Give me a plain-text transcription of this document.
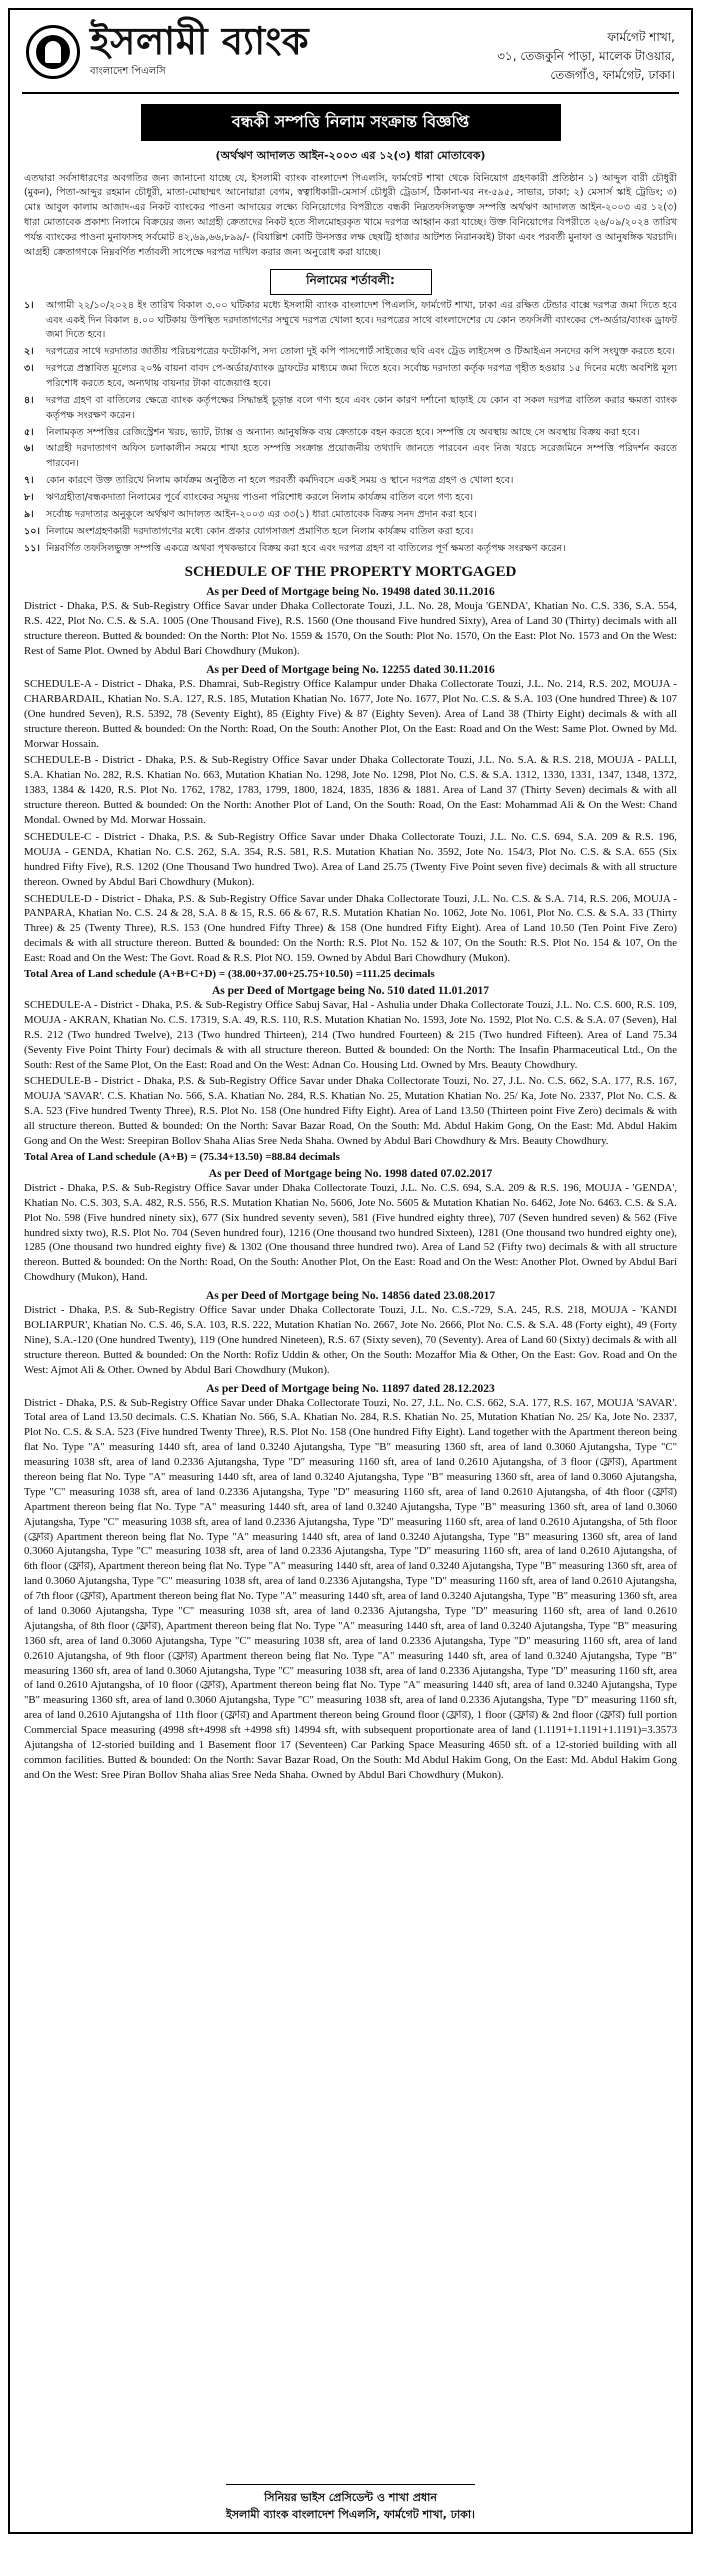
ইসলামী ব্যাংক
বাংলাদেশ পিএলসি
ফার্মগেট শাখা,
৩১, তেজকুনি পাড়া, মালেক টাওয়ার,
তেজগাঁও, ফার্মগেট, ঢাকা।
বন্ধকী সম্পত্তি নিলাম সংক্রান্ত বিজ্ঞপ্তি
(অর্থঋণ আদালত আইন-২০০৩ এর ১২(৩) ধারা মোতাবেক)
এতদ্বারা সর্বসাধারণের অবগতির জন্য জানানো যাচ্ছে যে, ইসলামী ব্যাংক বাংলাদেশ পিএলসি, ফার্মগেট শাখা থেকে বিনিয়োগ গ্রহণকারী প্রতিষ্ঠান ১) আব্দুল বারী চৌধুরী (মুকন), পিতা-আব্দুর রহমান চৌধুরী, মাতা-মোছাম্মৎ আনোয়ারা বেগম, স্বত্বাধিকারী-মেসার্স চৌধুরী ট্রেডার্স, ঠিকানা-ঘর নং-৫৯৫, সাভার, ঢাকা; ২) মেসার্স স্কাই ট্রেডিং; ৩) মোঃ আবুল কালাম আজাদ-এর নিকট ব্যাংকের পাওনা আদায়ের লক্ষ্যে বিনিয়োগের বিপরীতে বন্ধকী নিম্নতফসিলভুক্ত সম্পত্তি অর্থঋণ আদালত আইন-২০০৩ এর ১২(৩) ধারা মোতাবেক প্রকাশ্য নিলামে বিক্রয়ের জন্য আগ্রহী ক্রেতাদের নিকট হতে সীলমোহরকৃত খামে দরপত্র আহ্বান করা যাচ্ছে। উক্ত বিনিয়োগের বিপরীতে ২৬/০৯/২০২৪ তারিখ পর্যন্ত ব্যাংকের পাওনা মুনাফাসহ সর্বমোট ৪২,৬৯,৬৬,৮৯৯/- (বিয়াল্লিশ কোটি উনসত্তর লক্ষ ছেষট্টি হাজার আটশত নিরানব্বই) টাকা এবং পরবর্তী মুনাফা ও আনুষঙ্গিক খরচাদি। আগ্রহী ক্রেতাগণকে নিম্নবর্ণিত শর্তাবলী সাপেক্ষে দরপত্র দাখিল করার জন্য অনুরোধ করা যাচ্ছে।
নিলামের শর্তাবলী:
১।	আগামী ২২/১০/২০২৪ ইং তারিখ বিকাল ৩.০০ ঘটিকার মধ্যে ইসলামী ব্যাংক বাংলাদেশ পিএলসি, ফার্মগেট শাখা, ঢাকা এর রক্ষিত টেন্ডার বাক্সে দরপত্র জমা দিতে হবে এবং একই দিন বিকাল ৪.০০ ঘটিকায় উপস্থিত দরদাতাগণের সম্মুখে দরপত্র খোলা হবে। দরপত্রের সাথে বাংলাদেশের যে কোন তফসিলী ব্যাংকের পে-অর্ডার/ব্যাংক ড্রাফট জমা দিতে হবে।
২।	দরপত্রের সাথে দরদাতার জাতীয় পরিচয়পত্রের ফটোকপি, সদ্য তোলা দুই কপি পাসপোর্ট সাইজের ছবি এবং ট্রেড লাইসেন্স ও টিআইএন সনদের কপি সংযুক্ত করতে হবে।
৩।	দরপত্রে প্রস্তাবিত মূল্যের ২০% বায়না বাবদ পে-অর্ডার/ব্যাংক ড্রাফটের মাধ্যমে জমা দিতে হবে। সর্বোচ্চ দরদাতা কর্তৃক দরপত্র গৃহীত হওয়ার ১৫ দিনের মধ্যে অবশিষ্ট মূল্য পরিশোধ করতে হবে, অন্যথায় বায়নার টাকা বাজেয়াপ্ত হবে।
৪।	দরপত্র গ্রহণ বা বাতিলের ক্ষেত্রে ব্যাংক কর্তৃপক্ষের সিদ্ধান্তই চূড়ান্ত বলে গণ্য হবে এবং কোন কারণ দর্শানো ছাড়াই যে কোন বা সকল দরপত্র বাতিল করার ক্ষমতা ব্যাংক কর্তৃপক্ষ সংরক্ষণ করেন।
৫।	নিলামকৃত সম্পত্তির রেজিস্ট্রেশন খরচ, ভ্যাট, ট্যাক্স ও অন্যান্য আনুষঙ্গিক ব্যয় ক্রেতাকে বহন করতে হবে। সম্পত্তি যে অবস্থায় আছে সে অবস্থায় বিক্রয় করা হবে।
৬।	আগ্রহী দরদাতাগণ অফিস চলাকালীন সময়ে শাখা হতে সম্পত্তি সংক্রান্ত প্রয়োজনীয় তথ্যাদি জানতে পারবেন এবং নিজ খরচে সরেজমিনে সম্পত্তি পরিদর্শন করতে পারবেন।
৭।	কোন কারণে উক্ত তারিখে নিলাম কার্যক্রম অনুষ্ঠিত না হলে পরবর্তী কর্মদিবসে একই সময় ও স্থানে দরপত্র গ্রহণ ও খোলা হবে।
৮।	ঋণগ্রহীতা/বন্ধকদাতা নিলামের পূর্বে ব্যাংকের সমুদয় পাওনা পরিশোধ করলে নিলাম কার্যক্রম বাতিল বলে গণ্য হবে।
৯।	সর্বোচ্চ দরদাতার অনুকূলে অর্থঋণ আদালত আইন-২০০৩ এর ৩৩(১) ধারা মোতাবেক বিক্রয় সনদ প্রদান করা হবে।
১০। নিলামে অংশগ্রহণকারী দরদাতাগণের মধ্যে কোন প্রকার যোগসাজশ প্রমাণিত হলে নিলাম কার্যক্রম বাতিল করা হবে।
১১। নিম্নবর্ণিত তফসিলভুক্ত সম্পত্তি একত্রে অথবা পৃথকভাবে বিক্রয় করা হবে এবং দরপত্র গ্রহণ বা বাতিলের পূর্ণ ক্ষমতা কর্তৃপক্ষ সংরক্ষণ করেন।
SCHEDULE OF THE PROPERTY MORTGAGED
As per Deed of Mortgage being No. 19498 dated 30.11.2016

District - Dhaka, P.S. & Sub-Registry Office Savar under Dhaka Collectorate Touzi, J.L. No. 28, Mouja 'GENDA', Khatian No. C.S. 336, S.A. 554, R.S. 422, Plot No. C.S. & S.A. 1005 (One Thousand Five), R.S. 1560 (One thousand Five hundred Sixty), Area of Land 30 (Thirty) decimals with all structure thereon. Butted & bounded: On the North: Plot No. 1559 & 1570, On the South: Plot No. 1570, On the East: Plot No. 1573 and On the West: Rest of Same Plot. Owned by Abdul Bari Chowdhury (Mukon).

As per Deed of Mortgage being No. 12255 dated 30.11.2016

SCHEDULE-A - District - Dhaka, P.S. Dhamrai, Sub-Registry Office Kalampur under Dhaka Collectorate Touzi, J.L. No. 214, R.S. 202, MOUJA - CHARBARDAIL, Khatian No. S.A. 127, R.S. 185, Mutation Khatian No. 1677, Jote No. 1677, Plot No. C.S. & S.A. 103 (One hundred Three) & 107 (One hundred Seven), R.S. 5392, 78 (Seventy Eight), 85 (Eighty Five) & 87 (Eighty Seven). Area of Land 38 (Thirty Eight) decimals & with all structure thereon. Butted & bounded: On the North: Road, On the South: Another Plot, On the East: Road and On the West: Same Plot. Owned by Md. Morwar Hossain.

SCHEDULE-B - District - Dhaka, P.S. & Sub-Registry Office Savar under Dhaka Collectorate Touzi, J.L. No. S.A. & R.S. 218, MOUJA - PALLI, S.A. Khatian No. 282, R.S. Khatian No. 663, Mutation Khatian No. 1298, Jote No. 1298, Plot No. C.S. & S.A. 1312, 1330, 1331, 1347, 1348, 1372, 1383, 1384 & 1420, R.S. Plot No. 1762, 1782, 1783, 1799, 1800, 1824, 1835, 1836 & 1881. Area of Land 37 (Thirty Seven) decimals & with all structure thereon. Butted & bounded: On the North: Another Plot of Land, On the South: Road, On the East: Mohammad Ali & On the West: Chand Mondal. Owned by Md. Morwar Hossain.

SCHEDULE-C - District - Dhaka, P.S. & Sub-Registry Office Savar under Dhaka Collectorate Touzi, J.L. No. C.S. 694, S.A. 209 & R.S. 196, MOUJA - GENDA, Khatian No. C.S. 262, S.A. 354, R.S. 581, R.S. Mutation Khatian No. 3592, Jote No. 154/3, Plot No. C.S. & S.A. 655 (Six hundred Fifty Five), R.S. 1202 (One Thousand Two hundred Two). Area of Land 25.75 (Twenty Five Point seven five) decimals & with all structure thereon. Owned by Abdul Bari Chowdhury (Mukon).

SCHEDULE-D - District - Dhaka, P.S. & Sub-Registry Office Savar under Dhaka Collectorate Touzi, J.L. No. C.S. & S.A. 714, R.S. 206, MOUJA - PANPARA, Khatian No. C.S. 24 & 28, S.A. 8 & 15, R.S. 66 & 67, R.S. Mutation Khatian No. 1062, Jote No. 1061, Plot No. C.S. & S.A. 33 (Thirty Three) & 25 (Twenty Three), R.S. 153 (One hundred Fifty Three) & 158 (One hundred Fifty Eight). Area of Land 10.50 (Ten Point Five Zero) decimals & with all structure thereon. Butted & bounded: On the North: R.S. Plot No. 152 & 107, On the South: R.S. Plot No. 154 & 107, On the East: Road and On the West: The Govt. Road & R.S. Plot NO. 159. Owned by Abdul Bari Chowdhury (Mukon).

Total Area of Land schedule (A+B+C+D) = (38.00+37.00+25.75+10.50) =111.25 decimals
As per Deed of Mortgage being No. 510 dated 11.01.2017

SCHEDULE-A - District - Dhaka, P.S. & Sub-Registry Office Sabuj Savar, Hal - Ashulia under Dhaka Collectorate Touzi, J.L. No. C.S. 600, R.S. 109, MOUJA - AKRAN, Khatian No. C.S. 17319, S.A. 49, R.S. 110, R.S. Mutation Khatian No. 1593, Jote No. 1592, Plot No. C.S. & S.A. 07 (Seven), Hal R.S. 212 (Two hundred Twelve), 213 (Two hundred Thirteen), 214 (Two hundred Fourteen) & 215 (Two hundred Fifteen). Area of Land 75.34 (Seventy Five Point Thirty Four) decimals & with all structure thereon. Butted & bounded: On the North: The Insafin Pharmaceutical Ltd., On the South: Rest of the Same Plot, On the East: Road and On the West: Adnan Co. Housing Ltd. Owned by Mrs. Beauty Chowdhury.

SCHEDULE-B - District - Dhaka, P.S. & Sub-Registry Office Savar under Dhaka Collectorate Touzi, No. 27, J.L. No. C.S. 662, S.A. 177, R.S. 167, MOUJA 'SAVAR'. C.S. Khatian No. 566, S.A. Khatian No. 284, R.S. Khatian No. 25, Mutation Khatian No. 25/ Ka, Jote No. 2337, Plot No. C.S. & S.A. 523 (Five hundred Twenty Three), R.S. Plot No. 158 (One hundred Fifty Eight). Area of Land 13.50 (Thirteen point Five Zero) decimals & with all structure thereon. Butted & bounded: On the North: Savar Bazar Road, On the South: Md. Abdul Hakim Gong, On the East: Md. Abdul Hakim Gong and On the West: Sreepiran Bollov Shaha Alias Sree Neda Shaha. Owned by Abdul Bari Chowdhury & Mrs. Beauty Chowdhury.

Total Area of Land schedule (A+B) = (75.34+13.50) =88.84 decimals
As per Deed of Mortgage being No. 1998 dated 07.02.2017

District - Dhaka, P.S. & Sub-Registry Office Savar under Dhaka Collectorate Touzi, J.L. No. C.S. 694, S.A. 209 & R.S. 196, MOUJA - 'GENDA', Khatian No. C.S. 303, S.A. 482, R.S. 556, R.S. Mutation Khatian No. 5606, Jote No. 5605 & Mutation Khatian No. 6462, Jote No. 6463. C.S. & S.A. Plot No. 598 (Five hundred ninety six), 677 (Six hundred seventy seven), 581 (Five hundred eighty three), 707 (Seven hundred seven) & 562 (Five hundred sixty two), R.S. Plot No. 704 (Seven hundred four), 1216 (One thousand two hundred Sixteen), 1281 (One thousand two hundred eighty one), 1285 (One thousand two hundred eighty five) & 1302 (One thousand three hundred two). Area of Land 52 (Fifty two) decimals & with all structure thereon. Butted & bounded: On the North: Road, On the South: Another Plot, On the East: Road and On the West: Another Plot. Owned by Abdul Bari Chowdhury (Mukon), Hand.

As per Deed of Mortgage being No. 14856 dated 23.08.2017

District - Dhaka, P.S. & Sub-Registry Office Savar under Dhaka Collectorate Touzi, J.L. No. C.S.-729, S.A. 245, R.S. 218, MOUJA - 'KANDI BOLIARPUR', Khatian No. C.S. 46, S.A. 103, R.S. 222, Mutation Khatian No. 2667, Jote No. 2666, Plot No. C.S. & S.A. 48 (Forty eight), 49 (Forty Nine), S.A.-120 (One hundred Twenty), 119 (One hundred Nineteen), R.S. 67 (Sixty seven), 70 (Seventy). Area of Land 60 (Sixty) decimals & with all structure thereon. Butted & bounded: On the North: Rofiz Uddin & other, On the South: Mozaffor Mia & Other, On the East: Gov. Road and On the West: Ajmot Ali & Other. Owned by Abdul Bari Chowdhury (Mukon).

As per Deed of Mortgage being No. 11897 dated 28.12.2023

District - Dhaka, P.S. & Sub-Registry Office Savar under Dhaka Collectorate Touzi, No. 27, J.L. No. C.S. 662, S.A. 177, R.S. 167, MOUJA 'SAVAR'. Total area of Land 13.50 decimals. C.S. Khatian No. 566, S.A. Khatian No. 284, R.S. Khatian No. 25, Mutation Khatian No. 25/ Ka, Jote No. 2337, Plot No. C.S. & S.A. 523 (Five hundred Twenty Three), R.S. Plot No. 158 (One hundred Fifty Eight). Land together with the Apartment thereon being flat No. Type "A" measuring 1440 sft, area of land 0.3240 Ajutangsha, Type "B" measuring 1360 sft, area of land 0.3060 Ajutangsha, Type "C" measuring 1038 sft, area of land 0.2336 Ajutangsha, Type "D" measuring 1160 sft, area of land 0.2610 Ajutangsha, of 3 floor (ফ্লোর), Apartment thereon being flat No. Type "A" measuring 1440 sft, area of land 0.3240 Ajutangsha, Type "B" measuring 1360 sft, area of land 0.3060 Ajutangsha, Type "C" measuring 1038 sft, area of land 0.2336 Ajutangsha, Type "D" measuring 1160 sft, area of land 0.2610 Ajutangsha, of 4th floor (ফ্লোর) Apartment thereon being flat No. Type "A" measuring 1440 sft, area of land 0.3240 Ajutangsha, Type "B" measuring 1360 sft, area of land 0.3060 Ajutangsha, Type "C" measuring 1038 sft, area of land 0.2336 Ajutangsha, Type "D" measuring 1160 sft, area of land 0.2610 Ajutangsha, of 5th floor (ফ্লোর) Apartment thereon being flat No. Type "A" measuring 1440 sft, area of land 0.3240 Ajutangsha, Type "B" measuring 1360 sft, area of land 0.3060 Ajutangsha, Type "C" measuring 1038 sft, area of land 0.2336 Ajutangsha, Type "D" measuring 1160 sft, area of land 0.2610 Ajutangsha, of 6th floor (ফ্লোর), Apartment thereon being flat No. Type "A" measuring 1440 sft, area of land 0.3240 Ajutangsha, Type "B" measuring 1360 sft, area of land 0.3060 Ajutangsha, Type "C" measuring 1038 sft, area of land 0.2336 Ajutangsha, Type "D" measuring 1160 sft, area of land 0.2610 Ajutangsha, of 7th floor (ফ্লোর), Apartment thereon being flat No. Type "A" measuring 1440 sft, area of land 0.3240 Ajutangsha, Type "B" measuring 1360 sft, area of land 0.3060 Ajutangsha, Type "C" measuring 1038 sft, area of land 0.2336 Ajutangsha, Type "D" measuring 1160 sft, area of land 0.2610 Ajutangsha, of 8th floor (ফ্লোর), Apartment thereon being flat No. Type "A" measuring 1440 sft, area of land 0.3240 Ajutangsha, Type "B" measuring 1360 sft, area of land 0.3060 Ajutangsha, Type "C" measuring 1038 sft, area of land 0.2336 Ajutangsha, Type "D" measuring 1160 sft, area of land 0.2610 Ajutangsha, of 9th floor (ফ্লোর) Apartment thereon being flat No. Type "A" measuring 1440 sft, area of land 0.3240 Ajutangsha, Type "B" measuring 1360 sft, area of land 0.3060 Ajutangsha, Type "C" measuring 1038 sft, area of land 0.2336 Ajutangsha, Type "D" measuring 1160 sft, area of land 0.2610 Ajutangsha, of 10 floor (ফ্লোর), Apartment thereon being flat No. Type "A" measuring 1440 sft, area of land 0.3240 Ajutangsha, Type "B" measuring 1360 sft, area of land 0.3060 Ajutangsha, Type "C" measuring 1038 sft, area of land 0.2336 Ajutangsha, Type "D" measuring 1160 sft, area of land 0.2610 Ajutangsha of 11th floor (ফ্লোর) and Apartment thereon being Ground floor (ফ্লোর), 1 floor (ফ্লোর) & 2nd floor (ফ্লোর) full portion Commercial Space measuring (4998 sft+4998 sft +4998 sft) 14994 sft, with subsequent proportionate area of land (1.1191+1.1191+1.1191)=3.3573 Ajutangsha of 12-storied building and 1 Basement floor 17 (Seventeen) Car Parking Space Measuring 4650 sft. of a 12-storied building with all common facilities. Butted & bounded: On the North: Savar Bazar Road, On the South: Md Abdul Hakim Gong, On the East: Md. Abdul Hakim Gong and On the West: Sree Piran Bollov Shaha alias Sree Neda Shaha. Owned by Abdul Bari Chowdhury (Mukon).

সিনিয়র ভাইস প্রেসিডেন্ট ও শাখা প্রধান
ইসলামী ব্যাংক বাংলাদেশ পিএলসি, ফার্মগেট শাখা, ঢাকা।
